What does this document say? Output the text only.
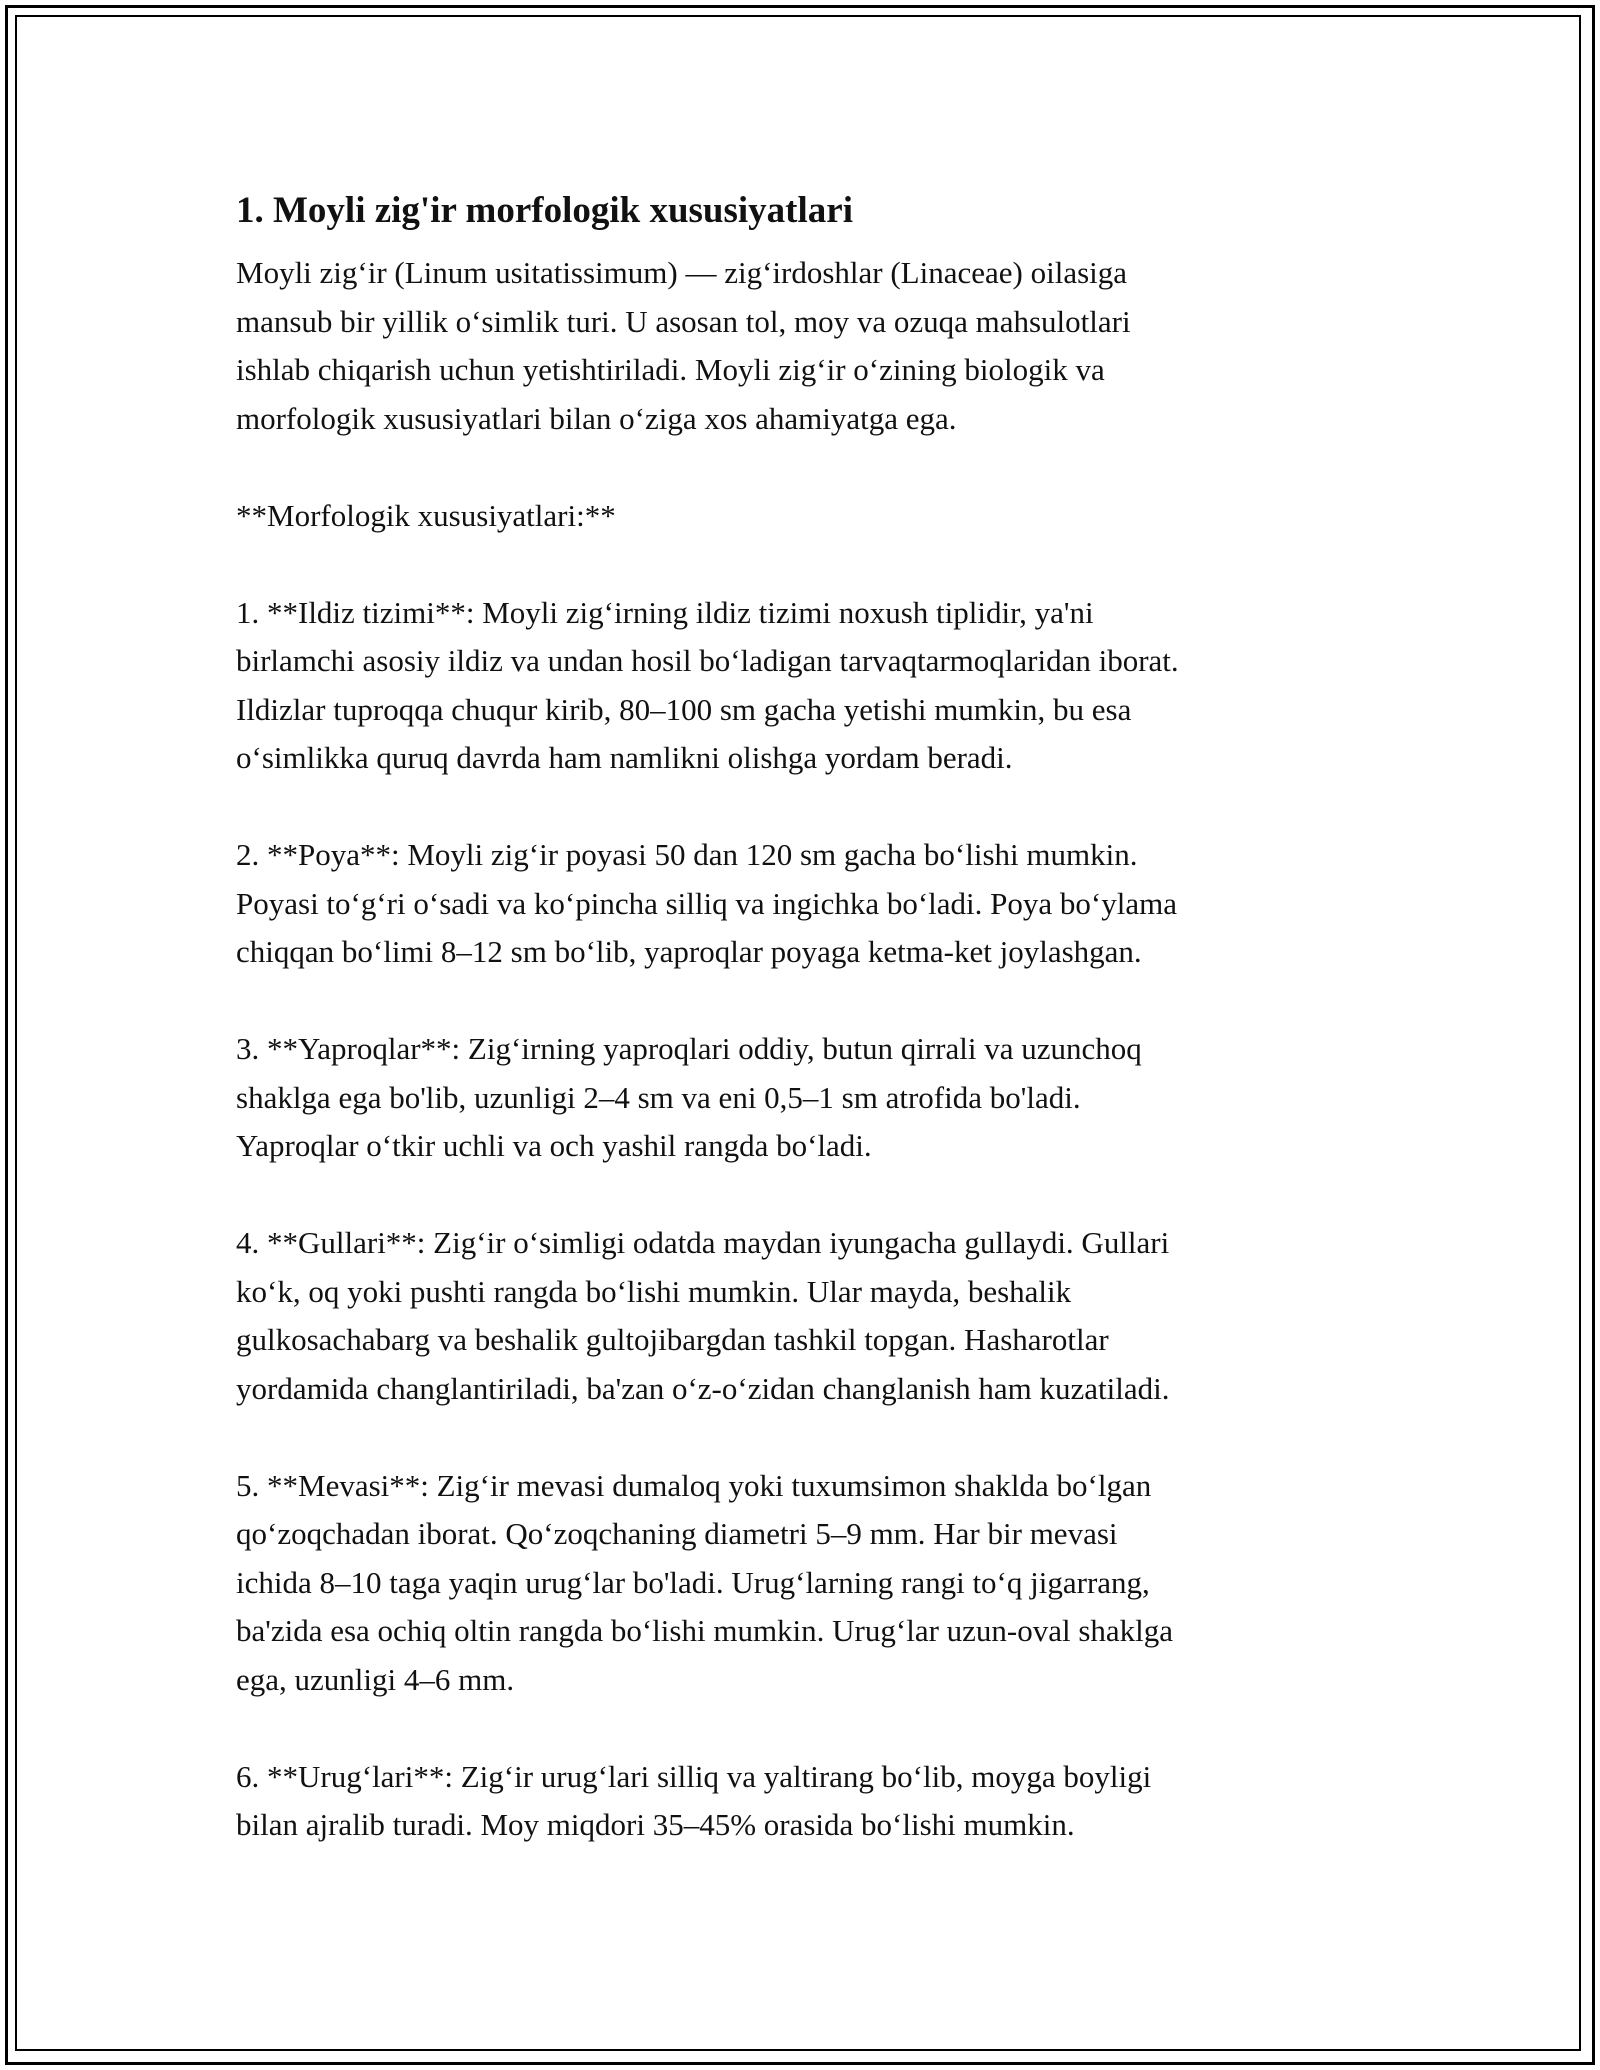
1. Moyli zig'ir morfologik xususiyatlari

Moyli zig‘ir (Linum usitatissimum) — zig‘irdoshlar (Linaceae) oilasiga
mansub bir yillik o‘simlik turi. U asosan tol, moy va ozuqa mahsulotlari
ishlab chiqarish uchun yetishtiriladi. Moyli zig‘ir o‘zining biologik va
morfologik xususiyatlari bilan o‘ziga xos ahamiyatga ega.

**Morfologik xususiyatlari:**

1. **Ildiz tizimi**: Moyli zig‘irning ildiz tizimi noxush tiplidir, ya'ni
birlamchi asosiy ildiz va undan hosil bo‘ladigan tarvaqtarmoqlaridan iborat.
Ildizlar tuproqqa chuqur kirib, 80–100 sm gacha yetishi mumkin, bu esa
o‘simlikka quruq davrda ham namlikni olishga yordam beradi.

2. **Poya**: Moyli zig‘ir poyasi 50 dan 120 sm gacha bo‘lishi mumkin.
Poyasi to‘g‘ri o‘sadi va ko‘pincha silliq va ingichka bo‘ladi. Poya bo‘ylama
chiqqan bo‘limi 8–12 sm bo‘lib, yaproqlar poyaga ketma-ket joylashgan.

3. **Yaproqlar**: Zig‘irning yaproqlari oddiy, butun qirrali va uzunchoq
shaklga ega bo'lib, uzunligi 2–4 sm va eni 0,5–1 sm atrofida bo'ladi.
Yaproqlar o‘tkir uchli va och yashil rangda bo‘ladi.

4. **Gullari**: Zig‘ir o‘simligi odatda maydan iyungacha gullaydi. Gullari
ko‘k, oq yoki pushti rangda bo‘lishi mumkin. Ular mayda, beshalik
gulkosachabarg va beshalik gultojibargdan tashkil topgan. Hasharotlar
yordamida changlantiriladi, ba'zan o‘z-o‘zidan changlanish ham kuzatiladi.

5. **Mevasi**: Zig‘ir mevasi dumaloq yoki tuxumsimon shaklda bo‘lgan
qo‘zoqchadan iborat. Qo‘zoqchaning diametri 5–9 mm. Har bir mevasi
ichida 8–10 taga yaqin urug‘lar bo'ladi. Urug‘larning rangi to‘q jigarrang,
ba'zida esa ochiq oltin rangda bo‘lishi mumkin. Urug‘lar uzun-oval shaklga
ega, uzunligi 4–6 mm.

6. **Urug‘lari**: Zig‘ir urug‘lari silliq va yaltirang bo‘lib, moyga boyligi
bilan ajralib turadi. Moy miqdori 35–45% orasida bo‘lishi mumkin.
